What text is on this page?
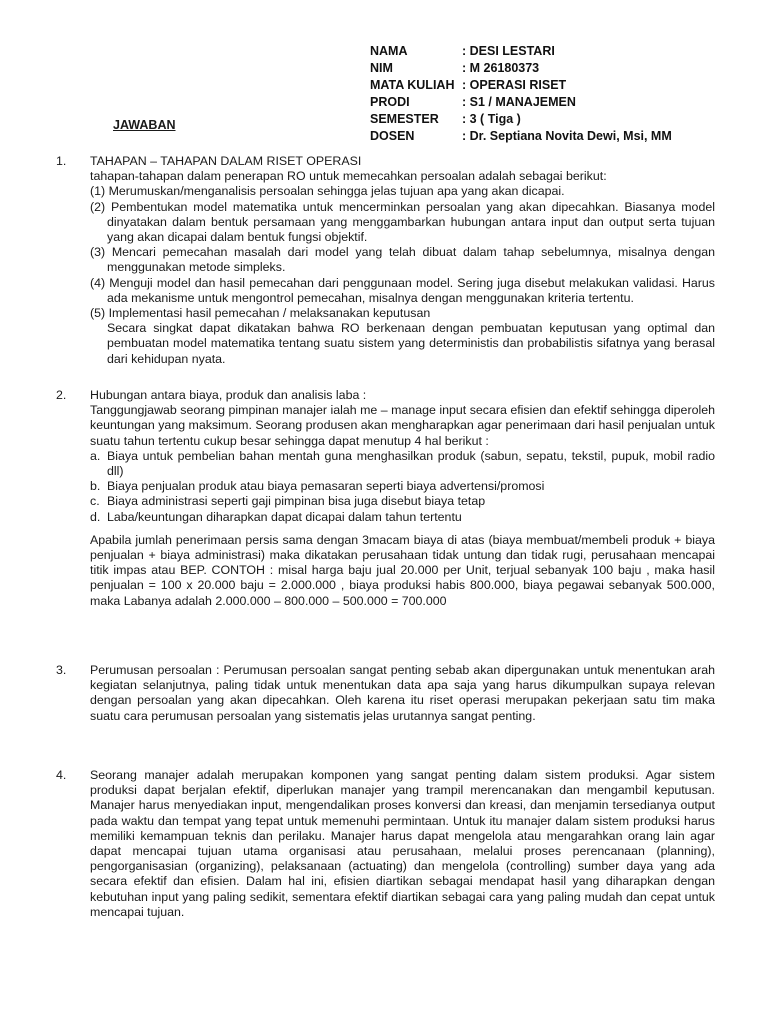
NAMA	: DESI LESTARI
NIM	: M 26180373
MATA KULIAH : OPERASI RISET
PRODI	: S1 / MANAJEMEN
SEMESTER	: 3 ( Tiga )
DOSEN	: Dr. Septiana Novita Dewi, Msi, MM
JAWABAN
1. TAHAPAN – TAHAPAN DALAM RISET OPERASI

tahapan-tahapan dalam penerapan RO untuk memecahkan persoalan adalah sebagai berikut:

(1) Merumuskan/menganalisis persoalan sehingga jelas tujuan apa yang akan dicapai.

(2) Pembentukan model matematika untuk mencerminkan persoalan yang akan dipecahkan. Biasanya model dinyatakan dalam bentuk persamaan yang menggambarkan hubungan antara input dan output serta tujuan yang akan dicapai dalam bentuk fungsi objektif.

(3) Mencari pemecahan masalah dari model yang telah dibuat dalam tahap sebelumnya, misalnya dengan menggunakan metode simpleks.

(4) Menguji model dan hasil pemecahan dari penggunaan model. Sering juga disebut melakukan validasi. Harus ada mekanisme untuk mengontrol pemecahan, misalnya dengan menggunakan kriteria tertentu.

(5) Implementasi hasil pemecahan / melaksanakan keputusan

Secara singkat dapat dikatakan bahwa RO berkenaan dengan pembuatan keputusan yang optimal dan pembuatan model matematika tentang suatu sistem yang deterministis dan probabilistis sifatnya yang berasal dari kehidupan nyata.

2. Hubungan antara biaya, produk dan analisis laba :

Tanggungjawab seorang pimpinan manajer ialah me – manage input secara efisien dan efektif sehingga diperoleh keuntungan yang maksimum. Seorang produsen akan mengharapkan agar penerimaan dari hasil penjualan untuk suatu tahun tertentu cukup besar sehingga dapat menutup 4 hal berikut :

a. Biaya untuk pembelian bahan mentah guna menghasilkan produk (sabun, sepatu, tekstil, pupuk, mobil radio dll)
b. Biaya penjualan produk atau biaya pemasaran seperti biaya advertensi/promosi
c. Biaya administrasi seperti gaji pimpinan bisa juga disebut biaya tetap
d. Laba/keuntungan diharapkan dapat dicapai dalam tahun tertentu

Apabila jumlah penerimaan persis sama dengan 3macam biaya di atas (biaya membuat/membeli produk + biaya penjualan + biaya administrasi) maka dikatakan perusahaan tidak untung dan tidak rugi, perusahaan mencapai titik impas atau BEP. CONTOH : misal harga baju jual 20.000 per Unit, terjual sebanyak 100 baju , maka hasil penjualan = 100 x 20.000 baju = 2.000.000 , biaya produksi habis 800.000, biaya pegawai sebanyak 500.000, maka Labanya adalah 2.000.000 – 800.000 – 500.000 = 700.000

3. Perumusan persoalan : Perumusan persoalan sangat penting sebab akan dipergunakan untuk menentukan arah kegiatan selanjutnya, paling tidak untuk menentukan data apa saja yang harus dikumpulkan supaya relevan dengan persoalan yang akan dipecahkan. Oleh karena itu riset operasi merupakan pekerjaan satu tim maka suatu cara perumusan persoalan yang sistematis jelas urutannya sangat penting.

4. Seorang manajer adalah merupakan komponen yang sangat penting dalam sistem produksi. Agar sistem produksi dapat berjalan efektif, diperlukan manajer yang trampil merencanakan dan mengambil keputusan. Manajer harus menyediakan input, mengendalikan proses konversi dan kreasi, dan menjamin tersedianya output pada waktu dan tempat yang tepat untuk memenuhi permintaan. Untuk itu manajer dalam sistem produksi harus memiliki kemampuan teknis dan perilaku. Manajer harus dapat mengelola atau mengarahkan orang lain agar dapat mencapai tujuan utama organisasi atau perusahaan, melalui proses perencanaan (planning), pengorganisasian (organizing), pelaksanaan (actuating) dan mengelola (controlling) sumber daya yang ada secara efektif dan efisien. Dalam hal ini, efisien diartikan sebagai mendapat hasil yang diharapkan dengan kebutuhan input yang paling sedikit, sementara efektif diartikan sebagai cara yang paling mudah dan cepat untuk mencapai tujuan.
